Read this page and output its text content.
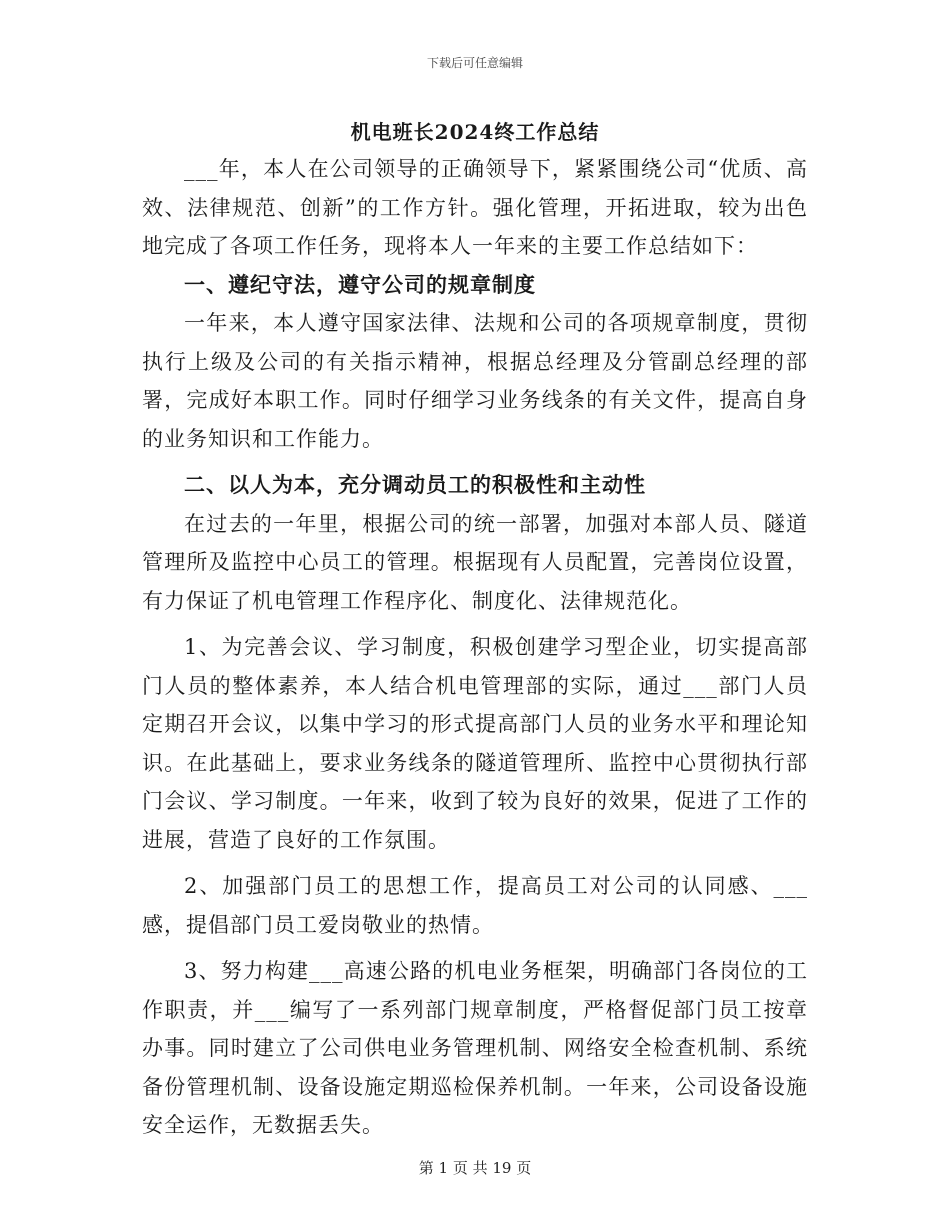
下载后可任意编辑
机电班长2024终工作总结

___年，本人在公司领导的正确领导下，紧紧围绕公司“优质、高效、法律规范、创新”的工作方针。强化管理，开拓进取，较为出色地完成了各项工作任务，现将本人一年来的主要工作总结如下：

一、遵纪守法，遵守公司的规章制度

一年来，本人遵守国家法律、法规和公司的各项规章制度，贯彻执行上级及公司的有关指示精神，根据总经理及分管副总经理的部署，完成好本职工作。同时仔细学习业务线条的有关文件，提高自身的业务知识和工作能力。

二、以人为本，充分调动员工的积极性和主动性

在过去的一年里，根据公司的统一部署，加强对本部人员、隧道管理所及监控中心员工的管理。根据现有人员配置，完善岗位设置，有力保证了机电管理工作程序化、制度化、法律规范化。

1、为完善会议、学习制度，积极创建学习型企业，切实提高部门人员的整体素养，本人结合机电管理部的实际，通过___部门人员定期召开会议，以集中学习的形式提高部门人员的业务水平和理论知识。在此基础上，要求业务线条的隧道管理所、监控中心贯彻执行部门会议、学习制度。一年来，收到了较为良好的效果，促进了工作的进展，营造了良好的工作氛围。

2、加强部门员工的思想工作，提高员工对公司的认同感、___感，提倡部门员工爱岗敬业的热情。

3、努力构建___高速公路的机电业务框架，明确部门各岗位的工作职责，并___编写了一系列部门规章制度，严格督促部门员工按章办事。同时建立了公司供电业务管理机制、网络安全检查机制、系统备份管理机制、设备设施定期巡检保养机制。一年来，公司设备设施安全运作，无数据丢失。

第 1 页 共 19 页
